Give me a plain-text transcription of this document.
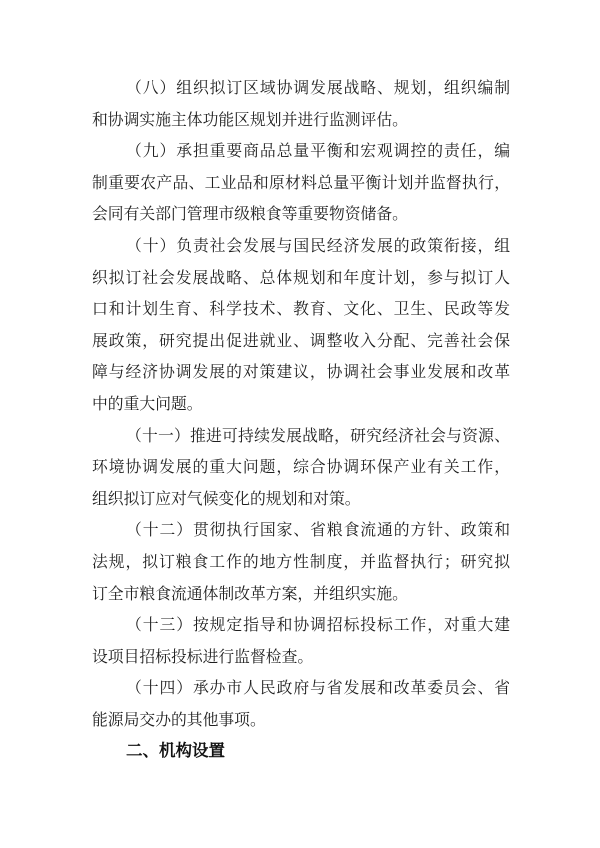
（八）组织拟订区域协调发展战略、规划，组织编制
和协调实施主体功能区规划并进行监测评估。
（九）承担重要商品总量平衡和宏观调控的责任，编
制重要农产品、工业品和原材料总量平衡计划并监督执行，
会同有关部门管理市级粮食等重要物资储备。
（十）负责社会发展与国民经济发展的政策衔接，组
织拟订社会发展战略、总体规划和年度计划，参与拟订人
口和计划生育、科学技术、教育、文化、卫生、民政等发
展政策，研究提出促进就业、调整收入分配、完善社会保
障与经济协调发展的对策建议，协调社会事业发展和改革
中的重大问题。
（十一）推进可持续发展战略，研究经济社会与资源、
环境协调发展的重大问题，综合协调环保产业有关工作，
组织拟订应对气候变化的规划和对策。
（十二）贯彻执行国家、省粮食流通的方针、政策和
法规，拟订粮食工作的地方性制度，并监督执行；研究拟
订全市粮食流通体制改革方案，并组织实施。
（十三）按规定指导和协调招标投标工作，对重大建
设项目招标投标进行监督检查。
（十四）承办市人民政府与省发展和改革委员会、省
能源局交办的其他事项。
二、机构设置
